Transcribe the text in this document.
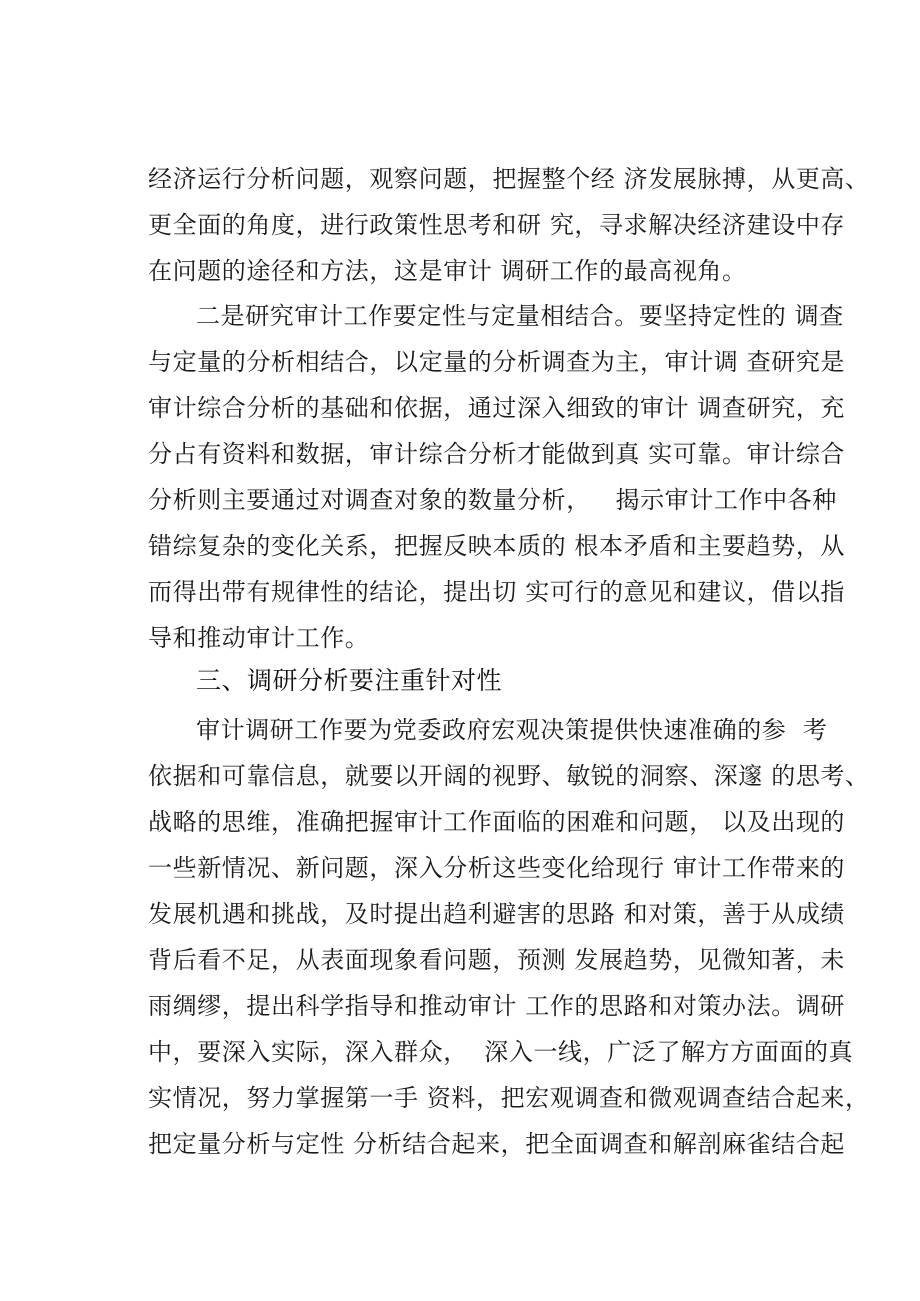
经济运行分析问题，观察问题，把握整个经 济发展脉搏，从更高、
更全面的角度，进行政策性思考和研 究，寻求解决经济建设中存
在问题的途径和方法，这是审计 调研工作的最高视角。
二是研究审计工作要定性与定量相结合。要坚持定性的 调查
与定量的分析相结合，以定量的分析调查为主，审计调 查研究是
审计综合分析的基础和依据，通过深入细致的审计 调查研究，充
分占有资料和数据，审计综合分析才能做到真 实可靠。审计综合
分析则主要通过对调查对象的数量分析，   揭示审计工作中各种
错综复杂的变化关系，把握反映本质的 根本矛盾和主要趋势，从
而得出带有规律性的结论，提出切 实可行的意见和建议，借以指
导和推动审计工作。
三、调研分析要注重针对性
审计调研工作要为党委政府宏观决策提供快速准确的参  考
依据和可靠信息，就要以开阔的视野、敏锐的洞察、深邃 的思考、
战略的思维，准确把握审计工作面临的困难和问题， 以及出现的
一些新情况、新问题，深入分析这些变化给现行 审计工作带来的
发展机遇和挑战，及时提出趋利避害的思路 和对策，善于从成绩
背后看不足，从表面现象看问题，预测 发展趋势，见微知著，未
雨绸缪，提出科学指导和推动审计 工作的思路和对策办法。调研
中，要深入实际，深入群众，  深入一线，广泛了解方方面面的真
实情况，努力掌握第一手 资料，把宏观调查和微观调查结合起来，
把定量分析与定性 分析结合起来，把全面调查和解剖麻雀结合起
